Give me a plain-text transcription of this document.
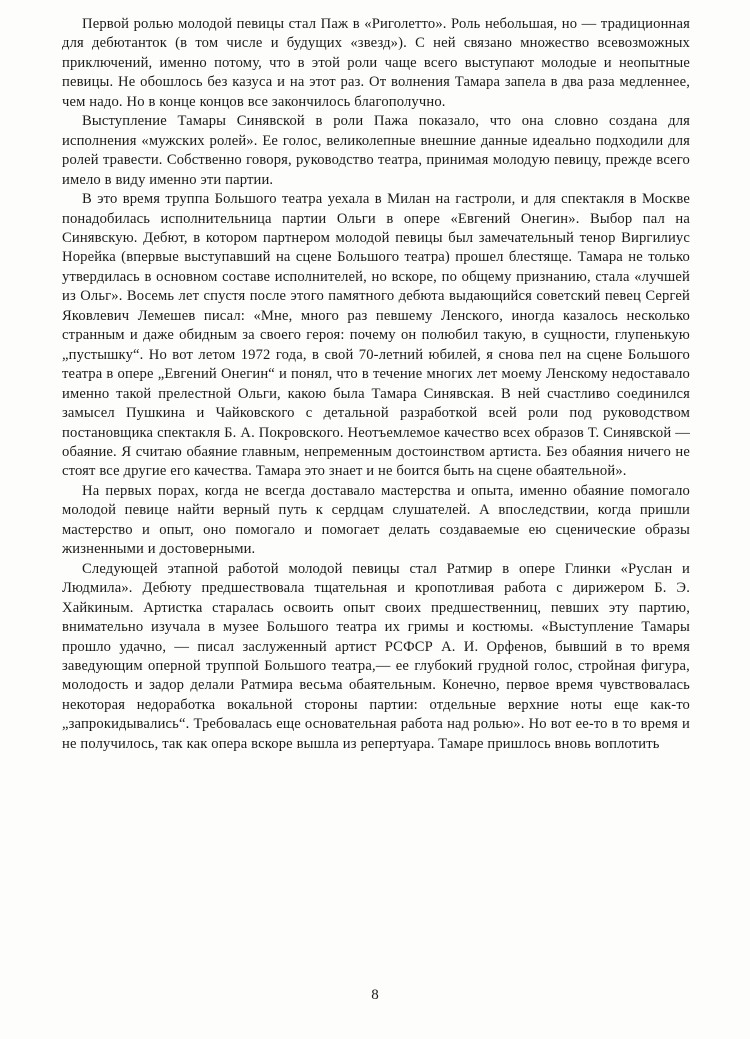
Первой ролью молодой певицы стал Паж в «Риголетто». Роль небольшая, но — традиционная для дебютанток (в том числе и будущих «звезд»). С ней связано множество всевозможных приключений, именно потому, что в этой роли чаще всего выступают молодые и неопытные певицы. Не обошлось без казуса и на этот раз. От волнения Тамара запела в два раза медленнее, чем надо. Но в конце концов все закончилось благополучно.

Выступление Тамары Синявской в роли Пажа показало, что она словно создана для исполнения «мужских ролей». Ее голос, великолепные внешние данные идеально подходили для ролей травести. Собственно говоря, руководство театра, принимая молодую певицу, прежде всего имело в виду именно эти партии.

В это время труппа Большого театра уехала в Милан на гастроли, и для спектакля в Москве понадобилась исполнительница партии Ольги в опере «Евгений Онегин». Выбор пал на Синявскую. Дебют, в котором партнером молодой певицы был замечательный тенор Виргилиус Норейка (впервые выступавший на сцене Большого театра) прошел блестяще. Тамара не только утвердилась в основном составе исполнителей, но вскоре, по общему признанию, стала «лучшей из Ольг». Восемь лет спустя после этого памятного дебюта выдающийся советский певец Сергей Яковлевич Лемешев писал: «Мне, много раз певшему Ленского, иногда казалось несколько странным и даже обидным за своего героя: почему он полюбил такую, в сущности, глупенькую „пустышку“. Но вот летом 1972 года, в свой 70-летний юбилей, я снова пел на сцене Большого театра в опере „Евгений Онегин“ и понял, что в течение многих лет моему Ленскому недоставало именно такой прелестной Ольги, какою была Тамара Синявская. В ней счастливо соединился замысел Пушкина и Чайковского с детальной разработкой всей роли под руководством постановщика спектакля Б. А. Покровского. Неотъемлемое качество всех образов Т. Синявской — обаяние. Я считаю обаяние главным, непременным достоинством артиста. Без обаяния ничего не стоят все другие его качества. Тамара это знает и не боится быть на сцене обаятельной».

На первых порах, когда не всегда доставало мастерства и опыта, именно обаяние помогало молодой певице найти верный путь к сердцам слушателей. А впоследствии, когда пришли мастерство и опыт, оно помогало и помогает делать создаваемые ею сценические образы жизненными и достоверными.

Следующей этапной работой молодой певицы стал Ратмир в опере Глинки «Руслан и Людмила». Дебюту предшествовала тщательная и кропотливая работа с дирижером Б. Э. Хайкиным. Артистка старалась освоить опыт своих предшественниц, певших эту партию, внимательно изучала в музее Большого театра их гримы и костюмы. «Выступление Тамары прошло удачно, — писал заслуженный артист РСФСР А. И. Орфенов, бывший в то время заведующим оперной труппой Большого театра,— ее глубокий грудной голос, стройная фигура, молодость и задор делали Ратмира весьма обаятельным. Конечно, первое время чувствовалась некоторая недоработка вокальной стороны партии: отдельные верхние ноты еще как-то „запрокидывались“. Требовалась еще основательная работа над ролью». Но вот ее-то в то время и не получилось, так как опера вскоре вышла из репертуара. Тамаре пришлось вновь воплотить

8
